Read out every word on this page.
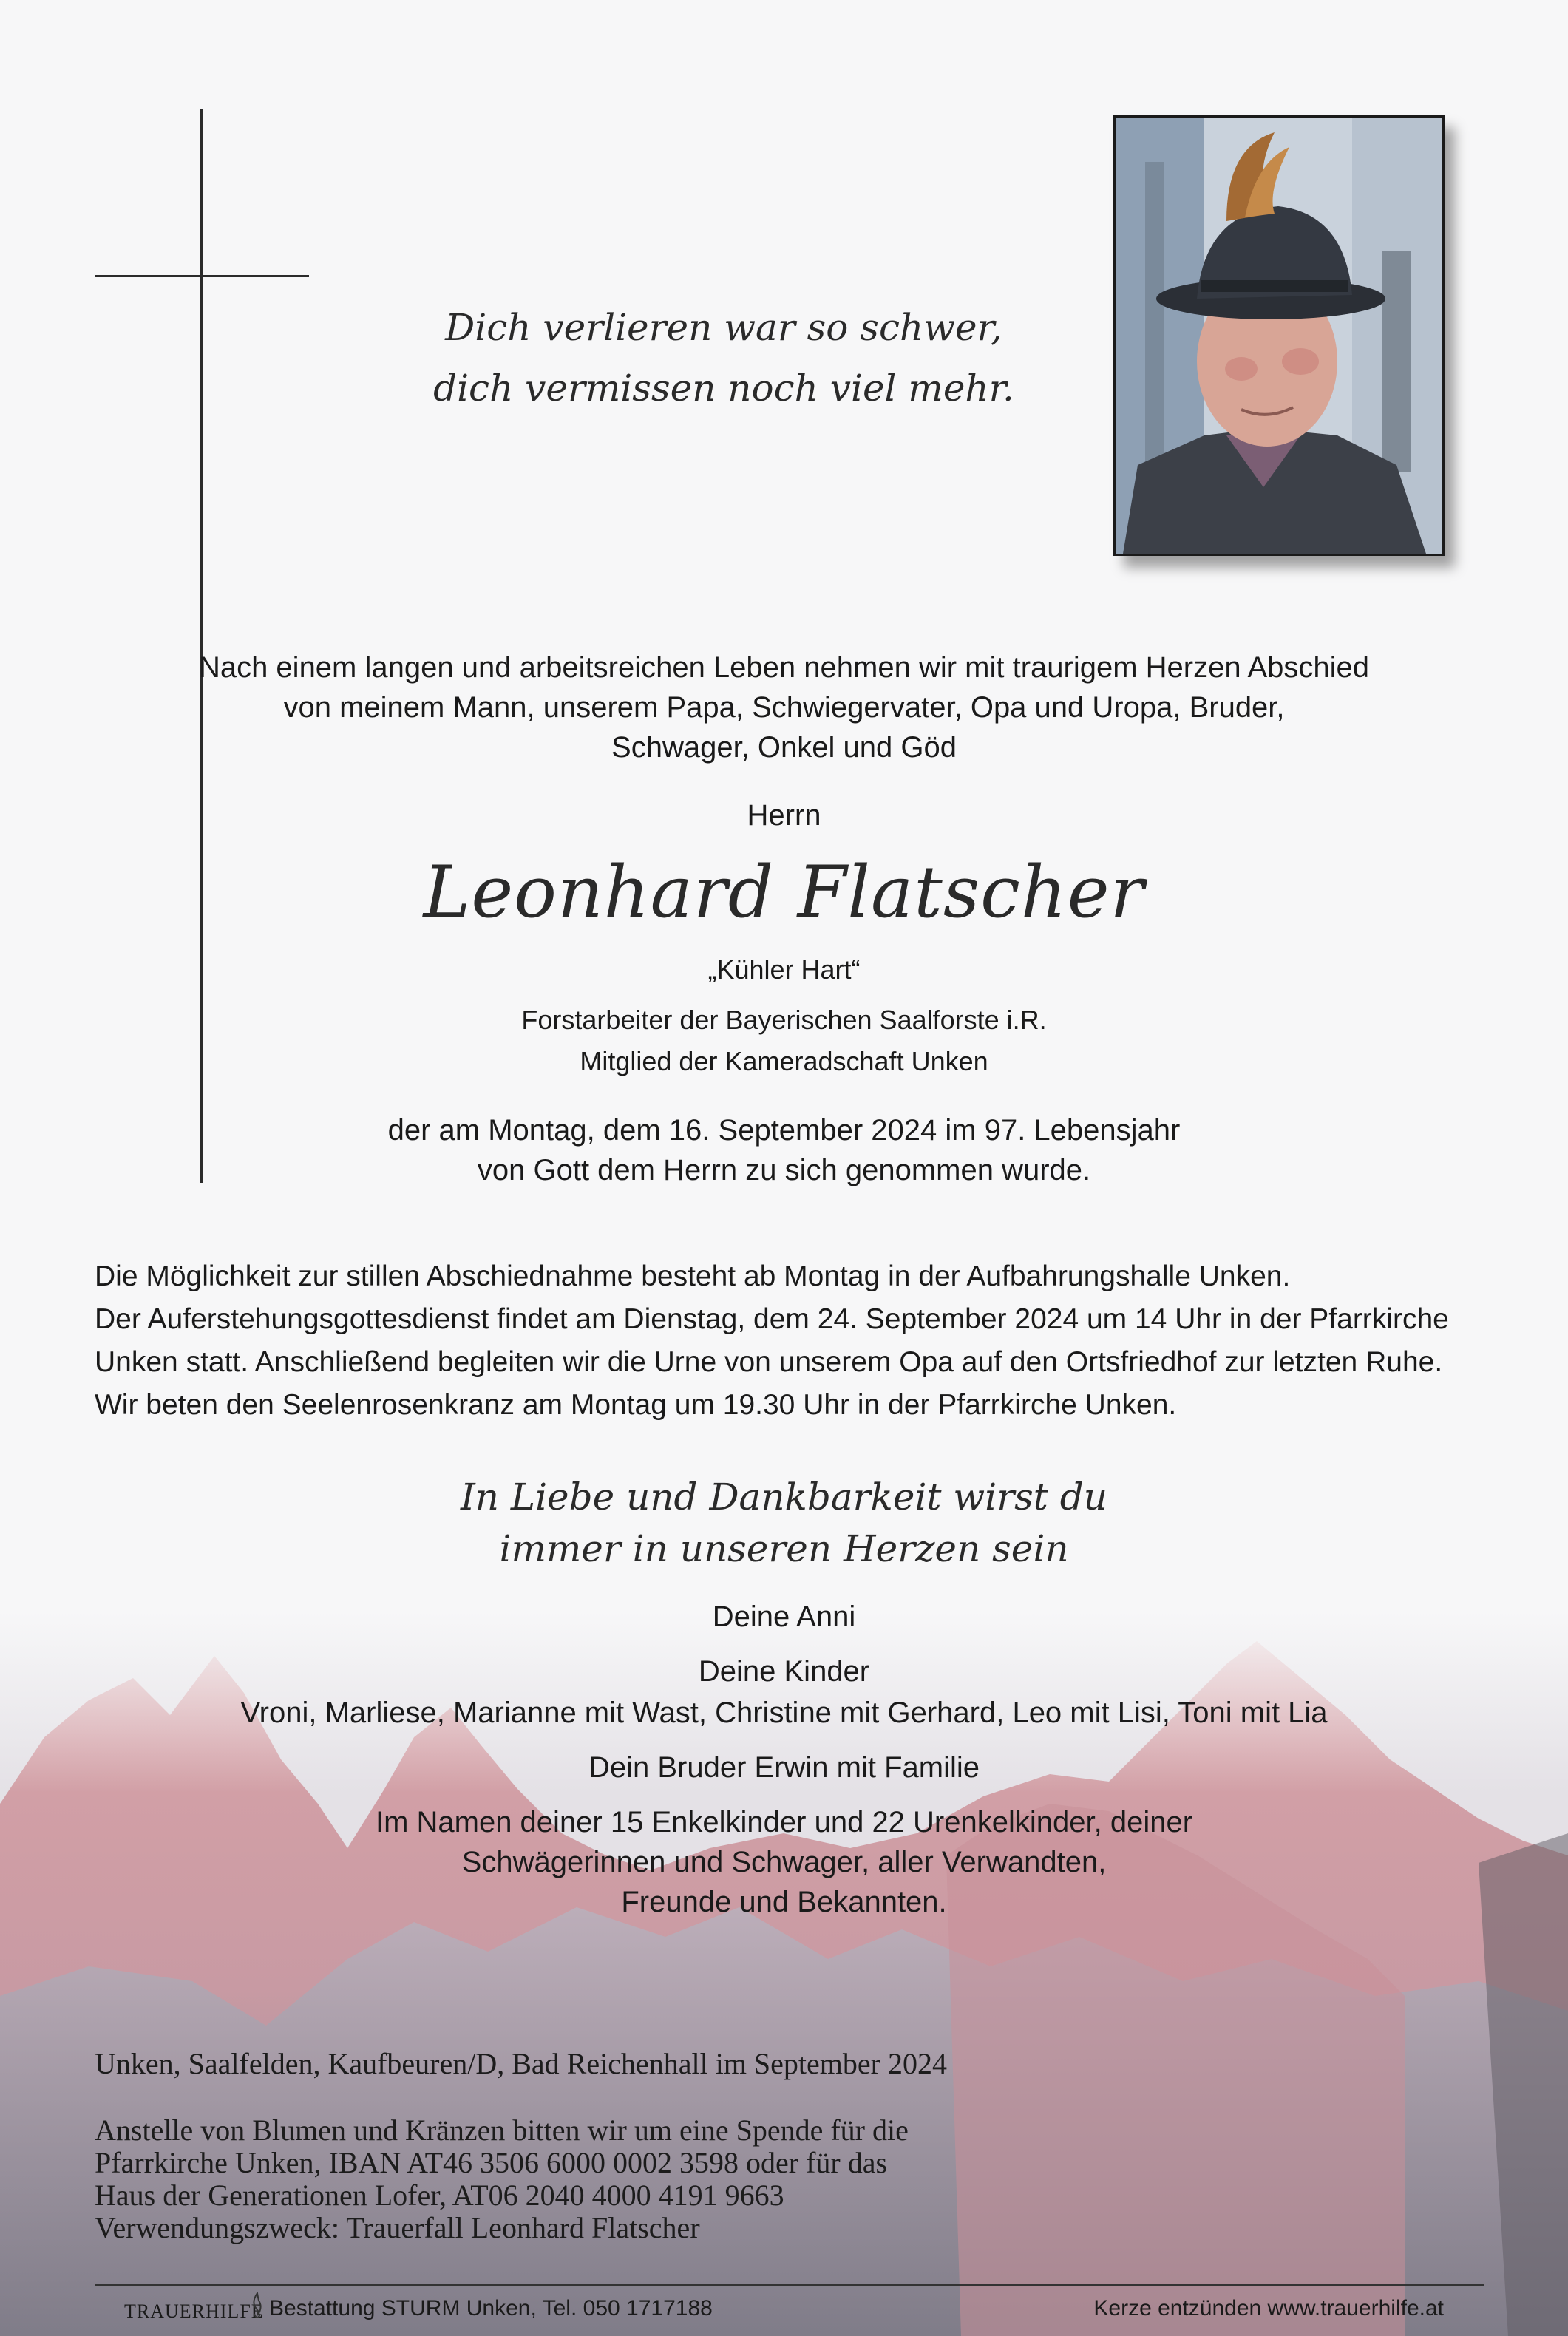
Dich verlieren war so schwer,
dich vermissen noch viel mehr.
Nach einem langen und arbeitsreichen Leben nehmen wir mit traurigem Herzen Abschied
von meinem Mann, unserem Papa, Schwiegervater, Opa und Uropa, Bruder,
Schwager, Onkel und Göd
Herrn
Leonhard Flatscher
„Kühler Hart“
Forstarbeiter der Bayerischen Saalforste i.R.
Mitglied der Kameradschaft Unken
der am Montag, dem 16. September 2024 im 97. Lebensjahr
von Gott dem Herrn zu sich genommen wurde.
Die Möglichkeit zur stillen Abschiednahme besteht ab Montag in der Aufbahrungshalle Unken.
Der Auferstehungsgottesdienst findet am Dienstag, dem 24. September 2024 um 14 Uhr in der Pfarrkirche
Unken statt. Anschließend begleiten wir die Urne von unserem Opa auf den Ortsfriedhof zur letzten Ruhe.
Wir beten den Seelenrosenkranz am Montag um 19.30 Uhr in der Pfarrkirche Unken.
In Liebe und Dankbarkeit wirst du
immer in unseren Herzen sein
Deine Anni
Deine Kinder
Vroni, Marliese, Marianne mit Wast, Christine mit Gerhard, Leo mit Lisi, Toni mit Lia
Dein Bruder Erwin mit Familie
Im Namen deiner 15 Enkelkinder und 22 Urenkelkinder, deiner
Schwägerinnen und Schwager, aller Verwandten,
Freunde und Bekannten.
Unken, Saalfelden, Kaufbeuren/D, Bad Reichenhall im September 2024
Anstelle von Blumen und Kränzen bitten wir um eine Spende für die
Pfarrkirche Unken, IBAN AT46 3506 6000 0002 3598 oder für das
Haus der Generationen Lofer, AT06 2040 4000 4191 9663
Verwendungszweck: Trauerfall Leonhard Flatscher
TRAUERHILFE Bestattung STURM Unken, Tel. 050 1717188	Kerze entzünden www.trauerhilfe.at
